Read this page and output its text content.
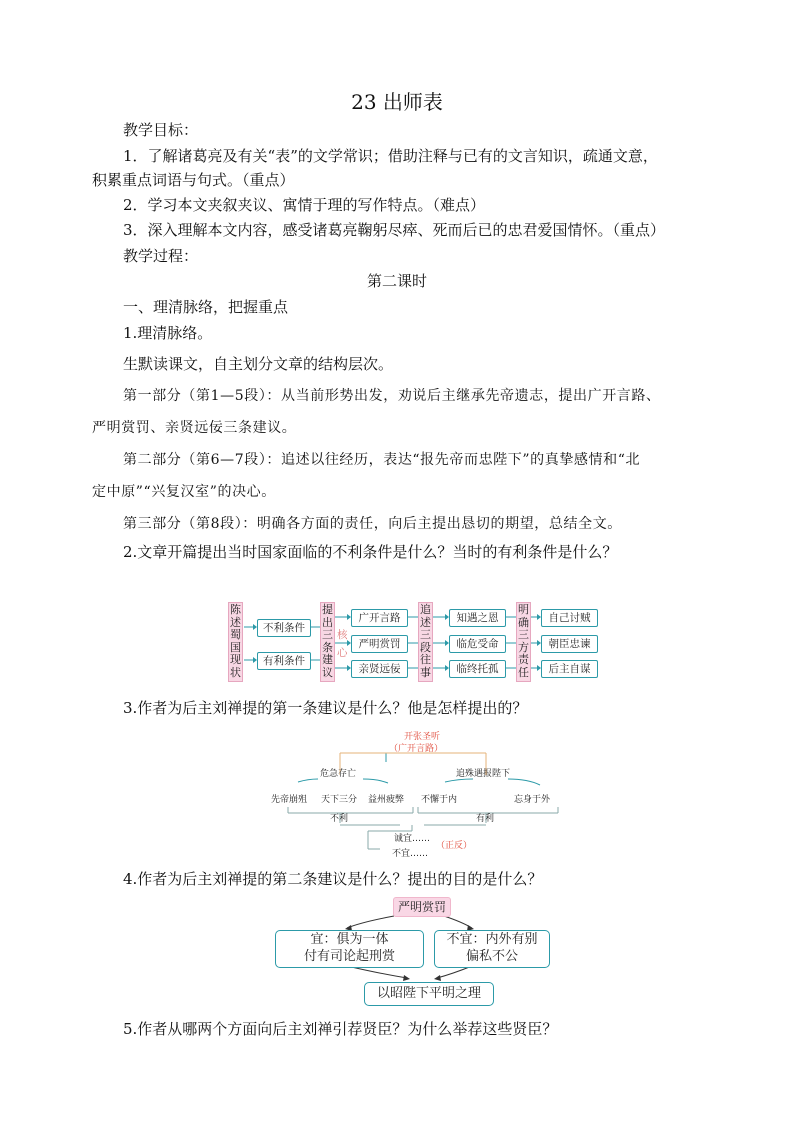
23 出师表
教学目标：
1．了解诸葛亮及有关“表”的文学常识；借助注释与已有的文言知识，疏通文意，
积累重点词语与句式。（重点）
2．学习本文夹叙夹议、寓情于理的写作特点。（难点）
3．深入理解本文内容，感受诸葛亮鞠躬尽瘁、死而后已的忠君爱国情怀。（重点）
教学过程：
第二课时
一、理清脉络，把握重点
1.理清脉络。
生默读课文，自主划分文章的结构层次。
第一部分（第1—5段）：从当前形势出发，劝说后主继承先帝遗志，提出广开言路、
严明赏罚、亲贤远佞三条建议。
第二部分（第6—7段）：追述以往经历，表达“报先帝而忠陛下”的真挚感情和“北
定中原”“兴复汉室”的决心。
第三部分（第8段）：明确各方面的责任，向后主提出恳切的期望，总结全文。
2.文章开篇提出当时国家面临的不利条件是什么？当时的有利条件是什么？
陈
述
蜀
国
现
状
不利条件
有利条件
提
出
三
条
建
议
核
心
广开言路
严明赏罚
亲贤远佞
追
述
三
段
往
事
知遇之恩
临危受命
临终托孤
明
确
三
方
责
任
自己讨贼
朝臣忠谏
后主自谋
3.作者为后主刘禅提的第一条建议是什么？他是怎样提出的？
开张圣听
（广开言路）
危急存亡	追殊遇报陛下
先帝崩殂 天下三分 益州疲弊 不懈于内	忘身于外
不利	有利
诚宜……
不宜……
（正反）
4.作者为后主刘禅提的第二条建议是什么？提出的目的是什么？
严明赏罚
宜：俱为一体
付有司论起刑赏
不宜：内外有别
偏私不公
以昭陛下平明之理
5.作者从哪两个方面向后主刘禅引荐贤臣？为什么举荐这些贤臣？
